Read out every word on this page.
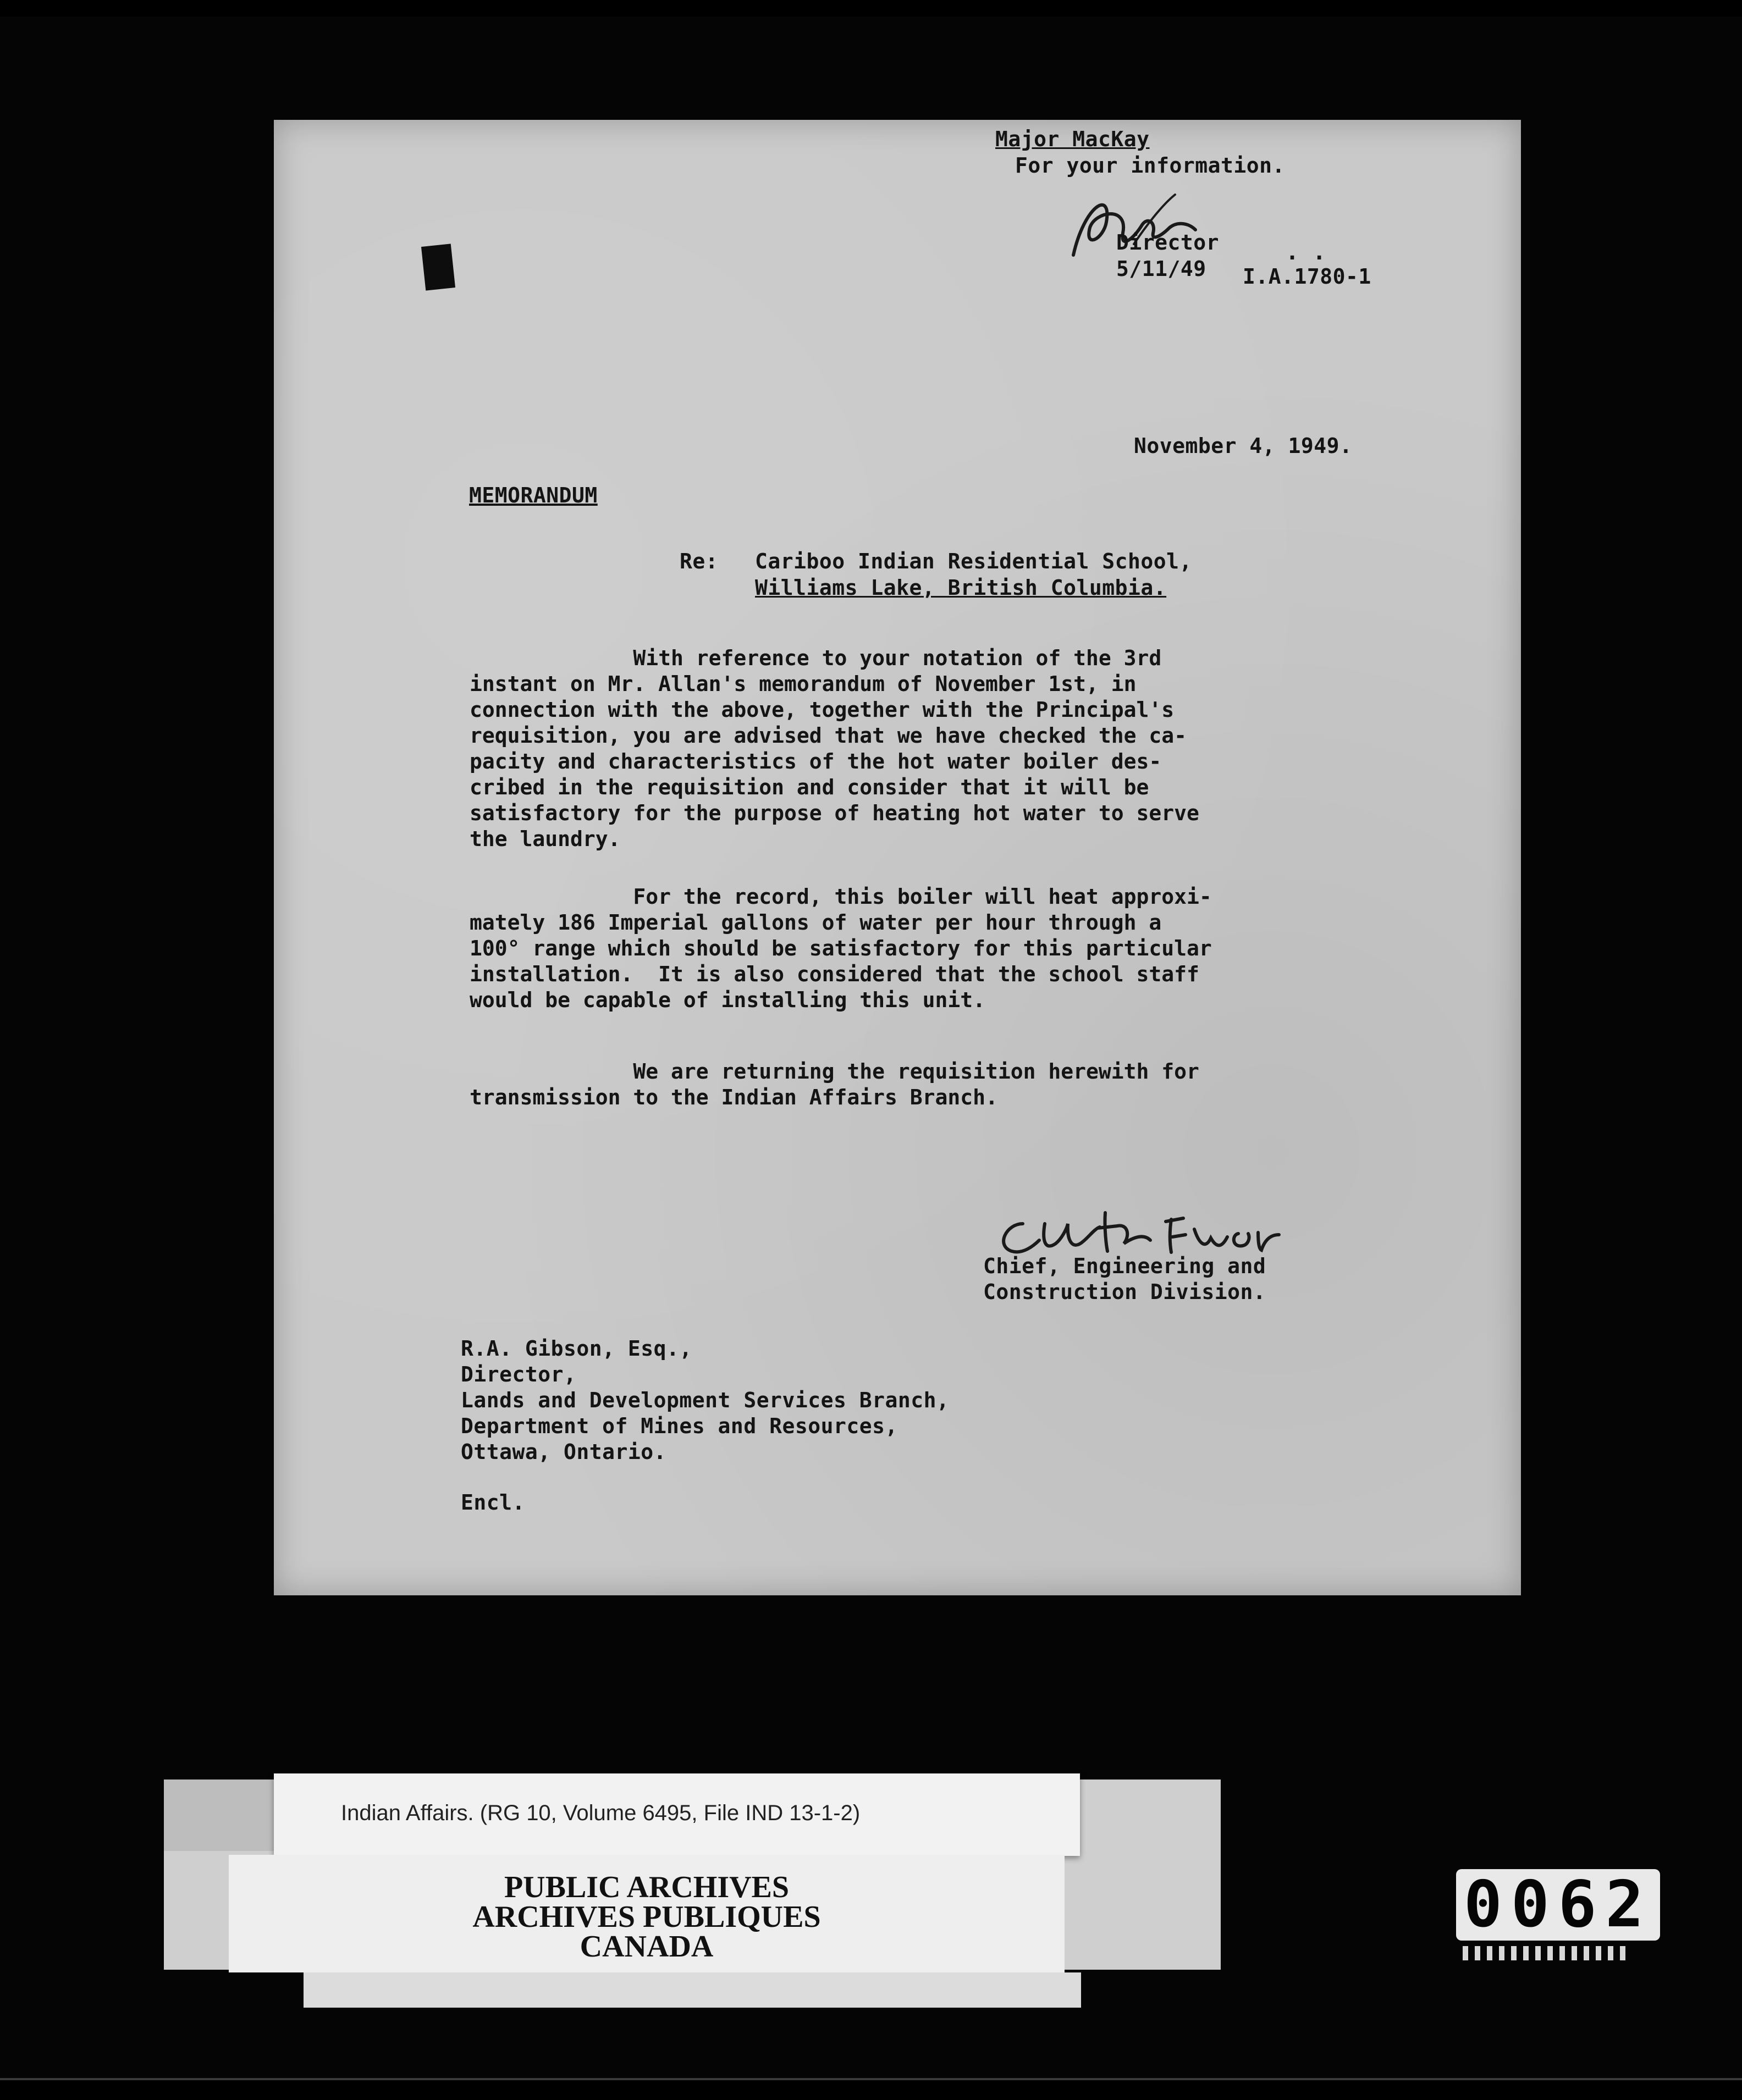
Major MacKay
For your information.
Director
5/11/49
. .
I.A.1780-1
November 4, 1949.
MEMORANDUM
Re: Cariboo Indian Residential School,
Williams Lake, British Columbia.
With reference to your notation of the 3rd
instant on Mr. Allan's memorandum of November 1st, in
connection with the above, together with the Principal's
requisition, you are advised that we have checked the ca-
pacity and characteristics of the hot water boiler des-
cribed in the requisition and consider that it will be
satisfactory for the purpose of heating hot water to serve
the laundry.
For the record, this boiler will heat approxi-
mately 186 Imperial gallons of water per hour through a
100° range which should be satisfactory for this particular
installation.  It is also considered that the school staff
would be capable of installing this unit.
We are returning the requisition herewith for
transmission to the Indian Affairs Branch.
Chief, Engineering and
Construction Division.
R.A. Gibson, Esq.,
Director,
Lands and Development Services Branch,
Department of Mines and Resources,
Ottawa, Ontario.
Encl.
Indian Affairs. (RG 10, Volume 6495, File IND 13-1-2)
PUBLIC ARCHIVES
ARCHIVES PUBLIQUES
CANADA
0062
